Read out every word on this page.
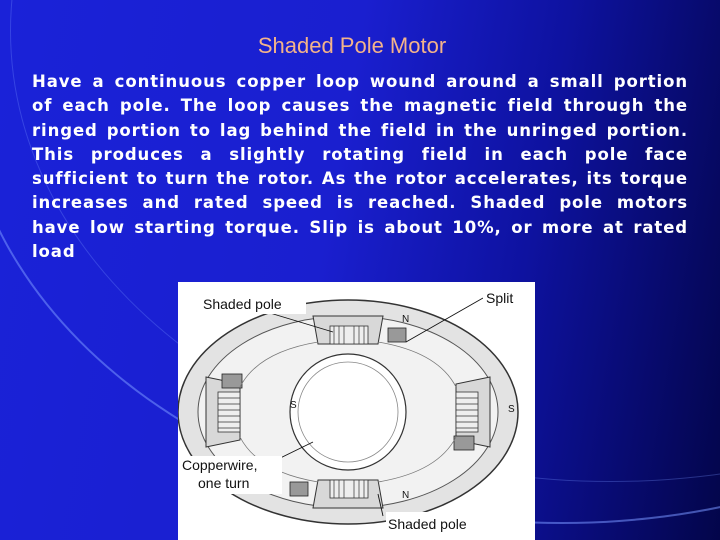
Shaded Pole Motor
Have a continuous copper loop wound around a small portion of each pole. The loop causes the magnetic field through the ringed portion to lag behind the field in the unringed portion. This produces a slightly rotating field in each pole face sufficient to turn the rotor. As the rotor accelerates, its torque increases and rated speed is reached. Shaded pole motors have low starting torque. Slip is about 10%, or more at rated load
N
N
S	S
Shaded pole	Split
Copperwire,
one turn
Shaded pole
